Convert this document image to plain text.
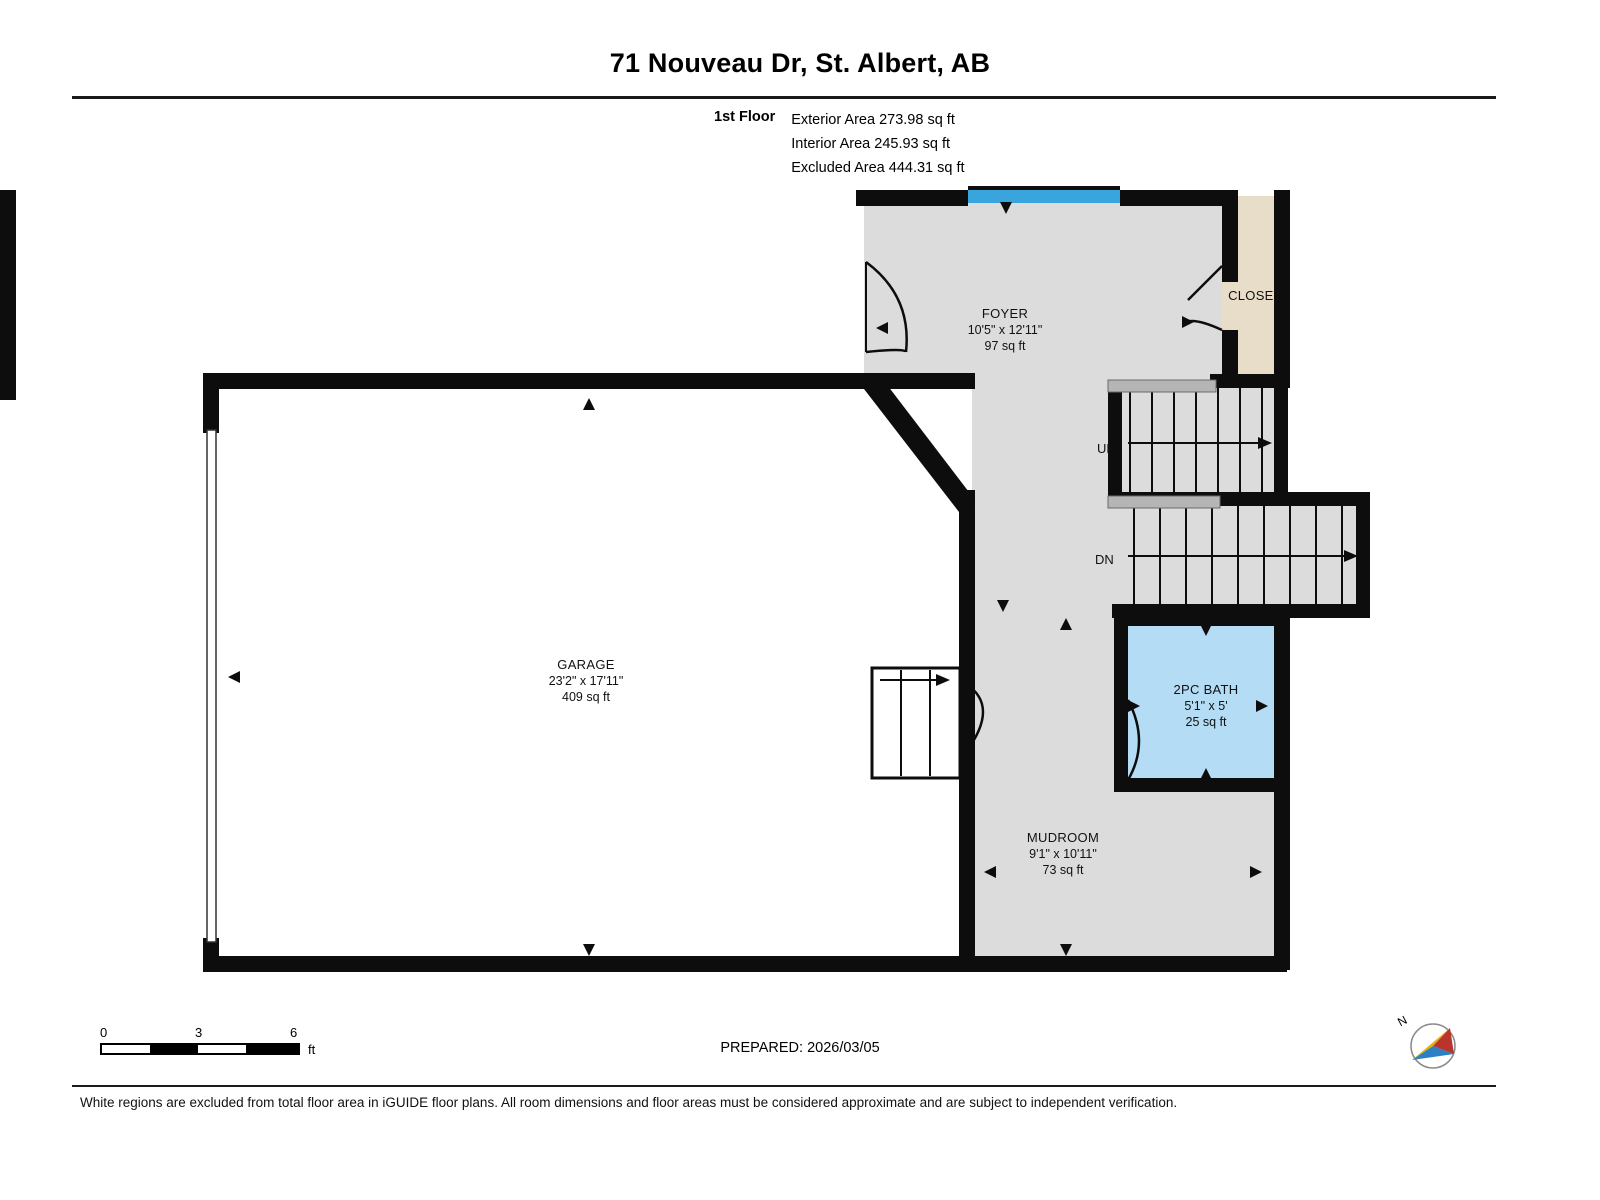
71 Nouveau Dr, St. Albert, AB
1st Floor Exterior Area 273.98 sq ft
Interior Area 245.93 sq ft
Excluded Area 444.31 sq ft
FOYER
10'5" x 12'11"
97 sq ft
CLOSET
GARAGE
23'2" x 17'11"
409 sq ft	2PC BATH
5'1" x 5'
25 sq ft
MUDROOM
9'1" x 10'11"
73 sq ft
UP
DN
0	3	6
ft
N
PREPARED: 2026/03/05
White regions are excluded from total floor area in iGUIDE floor plans. All room dimensions and floor areas must be considered approximate and are subject to independent verification.
